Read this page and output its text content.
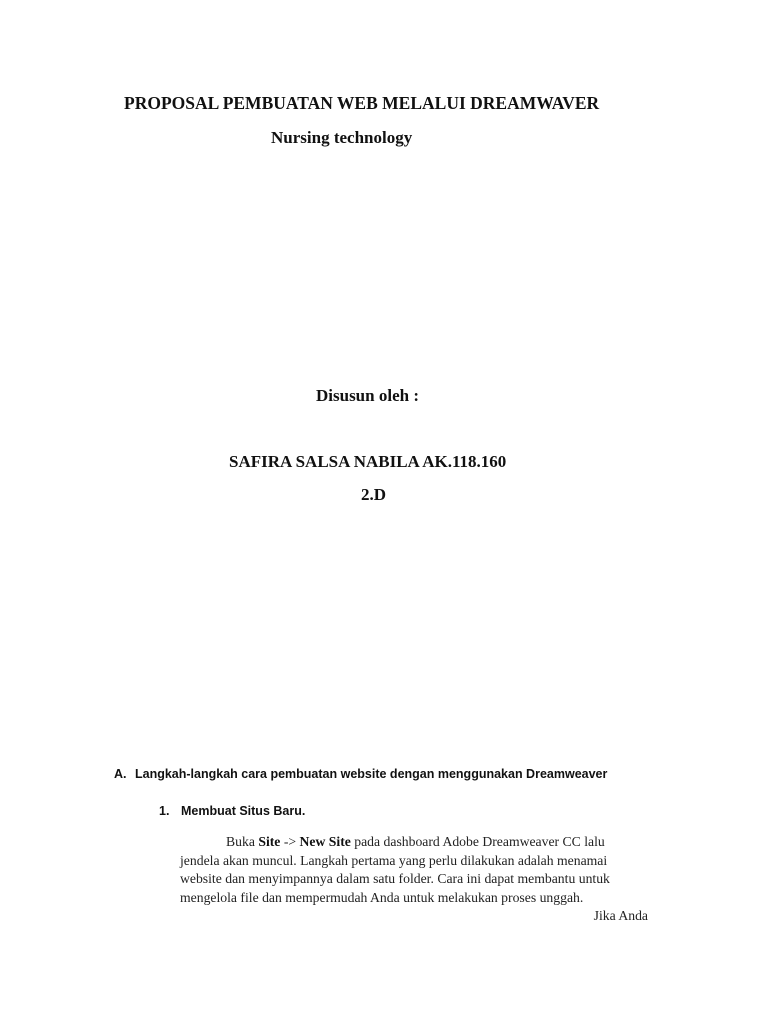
PROPOSAL PEMBUATAN WEB MELALUI DREAMWAVER
Nursing technology
Disusun oleh :
SAFIRA SALSA NABILA AK.118.160
2.D
A. Langkah-langkah cara pembuatan website dengan menggunakan Dreamweaver
1. Membuat Situs Baru.
Buka Site -> New Site pada dashboard Adobe Dreamweaver CC lalu
jendela akan muncul. Langkah pertama yang perlu dilakukan adalah menamai
website dan menyimpannya dalam satu folder. Cara ini dapat membantu untuk
mengelola file dan mempermudah Anda untuk melakukan proses unggah.
Jika Anda
